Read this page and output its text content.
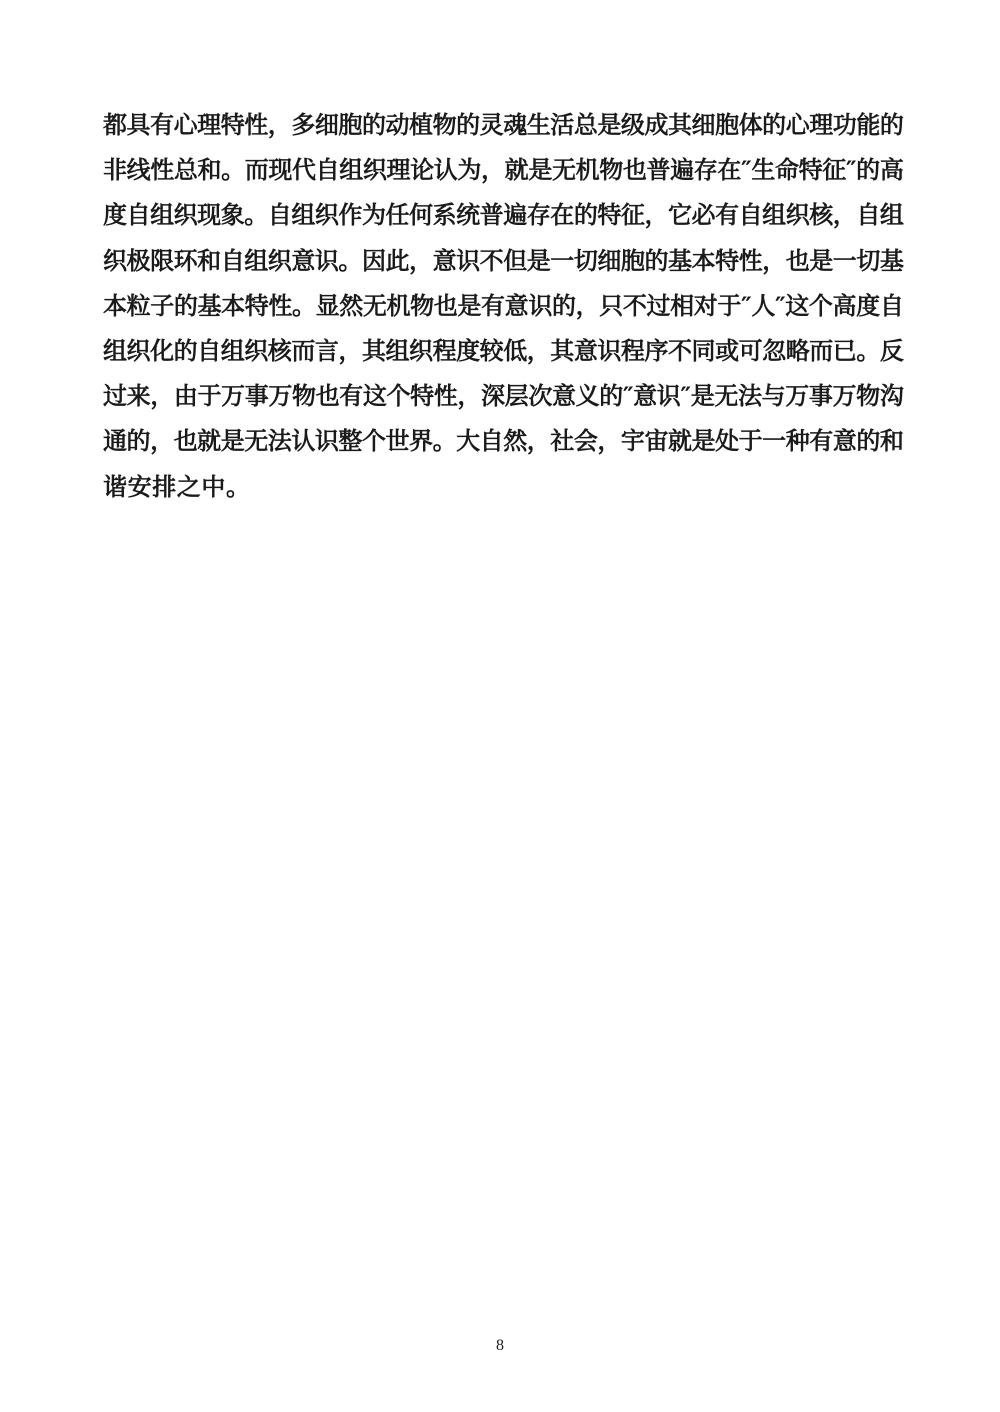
都具有心理特性，多细胞的动植物的灵魂生活总是级成其细胞体的心理功能的
非线性总和。而现代自组织理论认为，就是无机物也普遍存在″生命特征″的高
度自组织现象。自组织作为任何系统普遍存在的特征，它必有自组织核，自组
织极限环和自组织意识。因此，意识不但是一切细胞的基本特性，也是一切基
本粒子的基本特性。显然无机物也是有意识的，只不过相对于″人″这个高度自
组织化的自组织核而言，其组织程度较低，其意识程序不同或可忽略而已。反
过来，由于万事万物也有这个特性，深层次意义的″意识″是无法与万事万物沟
通的，也就是无法认识整个世界。大自然，社会，宇宙就是处于一种有意的和
谐安排之中。
8
